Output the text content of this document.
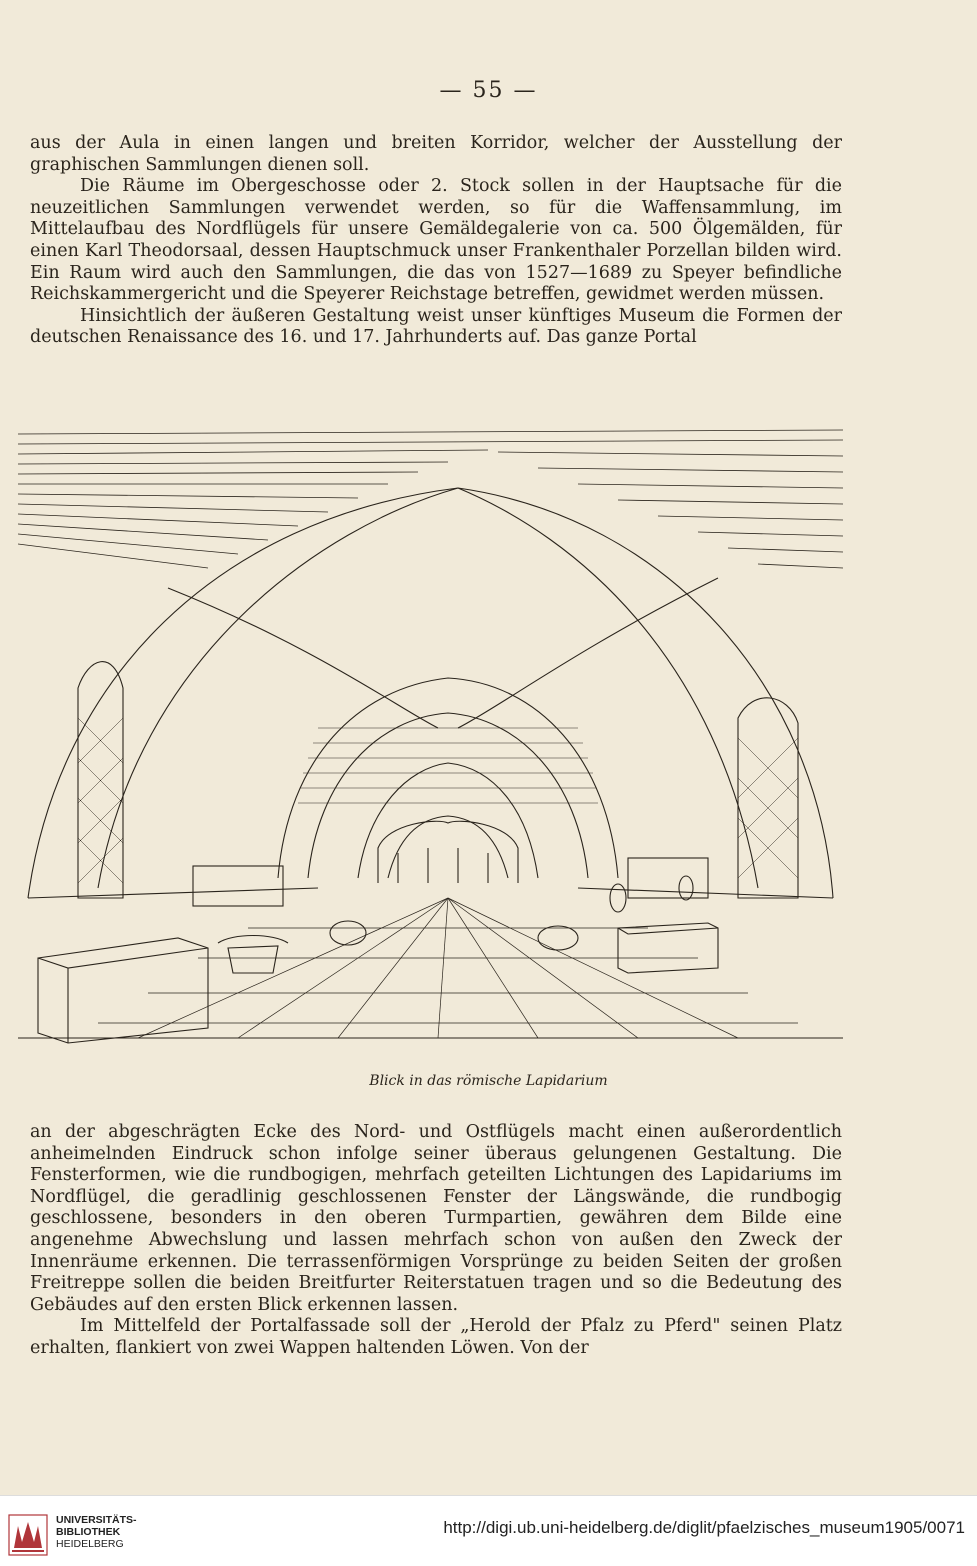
— 55 —

aus der Aula in einen langen und breiten Korridor, welcher der Ausstellung der graphischen Sammlungen dienen soll.

Die Räume im Obergeschosse oder 2. Stock sollen in der Hauptsache für die neuzeitlichen Sammlungen verwendet werden, so für die Waffensammlung, im Mittelaufbau des Nordflügels für unsere Gemäldegalerie von ca. 500 Ölgemälden, für einen Karl Theodorsaal, dessen Hauptschmuck unser Frankenthaler Porzellan bilden wird. Ein Raum wird auch den Sammlungen, die das von 1527—1689 zu Speyer befindliche Reichskammergericht und die Speyerer Reichstage betreffen, gewidmet werden müssen.

Hinsichtlich der äußeren Gestaltung weist unser künftiges Museum die Formen der deutschen Renaissance des 16. und 17. Jahrhunderts auf. Das ganze Portal

Blick in das römische Lapidarium

an der abgeschrägten Ecke des Nord- und Ostflügels macht einen außerordentlich anheimelnden Eindruck schon infolge seiner überaus gelungenen Gestaltung. Die Fensterformen, wie die rundbogigen, mehrfach geteilten Lichtungen des Lapidariums im Nordflügel, die geradlinig geschlossenen Fenster der Längswände, die rundbogig geschlossene, besonders in den oberen Turmpartien, gewähren dem Bilde eine angenehme Abwechslung und lassen mehrfach schon von außen den Zweck der Innenräume erkennen. Die terrassenförmigen Vorsprünge zu beiden Seiten der großen Freitreppe sollen die beiden Breitfurter Reiterstatuen tragen und so die Bedeutung des Gebäudes auf den ersten Blick erkennen lassen.

Im Mittelfeld der Portalfassade soll der „Herold der Pfalz zu Pferd" seinen Platz erhalten, flankiert von zwei Wappen haltenden Löwen. Von der

UNIVERSITÄTS-
BIBLIOTHEK
HEIDELBERG
http://digi.ub.uni-heidelberg.de/diglit/pfaelzisches_museum1905/0071
